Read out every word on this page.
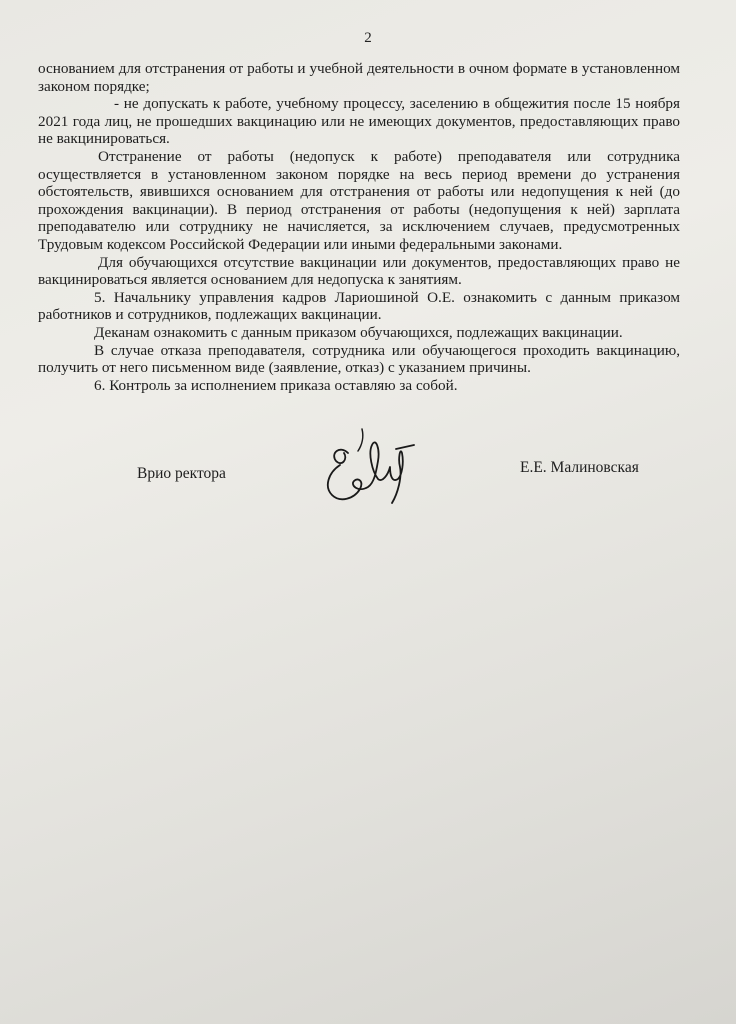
2

основанием для отстранения от работы и учебной деятельности в очном формате в установленном законом порядке;

- не допускать к работе, учебному процессу, заселению в общежития после 15 ноября 2021 года лиц, не прошедших вакцинацию или не имеющих документов, предоставляющих право не вакцинироваться.

Отстранение от работы (недопуск к работе) преподавателя или сотрудника осуществляется в установленном законом порядке на весь период времени до устранения обстоятельств, явившихся основанием для отстранения от работы или недопущения к ней (до прохождения вакцинации). В период отстранения от работы (недопущения к ней) зарплата преподавателю или сотруднику не начисляется, за исключением случаев, предусмотренных Трудовым кодексом Российской Федерации или иными федеральными законами.

Для обучающихся отсутствие вакцинации или документов, предоставляющих право не вакцинироваться является основанием для недопуска к занятиям.

5. Начальнику управления кадров Лариошиной О.Е. ознакомить с данным приказом работников и сотрудников, подлежащих вакцинации.

Деканам ознакомить с данным приказом обучающихся, подлежащих вакцинации.

В случае отказа преподавателя, сотрудника или обучающегося проходить вакцинацию, получить от него письменном виде (заявление, отказ) с указанием причины.

6. Контроль за исполнением приказа оставляю за собой.

Врио ректора	Е.Е. Малиновская
